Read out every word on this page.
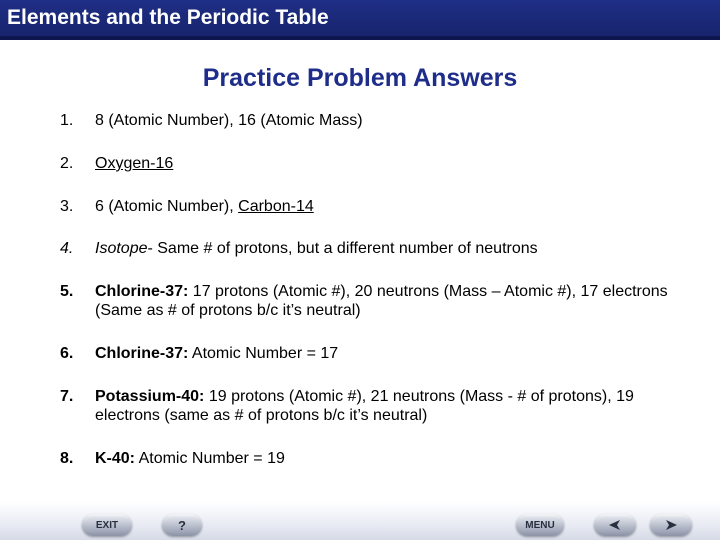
Elements and the Periodic Table
Practice Problem Answers
1.	8 (Atomic Number), 16 (Atomic Mass)
2.	Oxygen-16
3.	6 (Atomic Number), Carbon-14
4.	Isotope- Same # of protons, but a different number of neutrons
5.	Chlorine-37: 17 protons (Atomic #), 20 neutrons (Mass – Atomic #), 17 electrons (Same as # of protons b/c it’s neutral)
6.	Chlorine-37: Atomic Number = 17
7.	Potassium-40: 19 protons (Atomic #), 21 neutrons (Mass - # of protons), 19 electrons (same as # of protons b/c it’s neutral)
8.	K-40: Atomic Number = 19
EXIT	?	MENU
